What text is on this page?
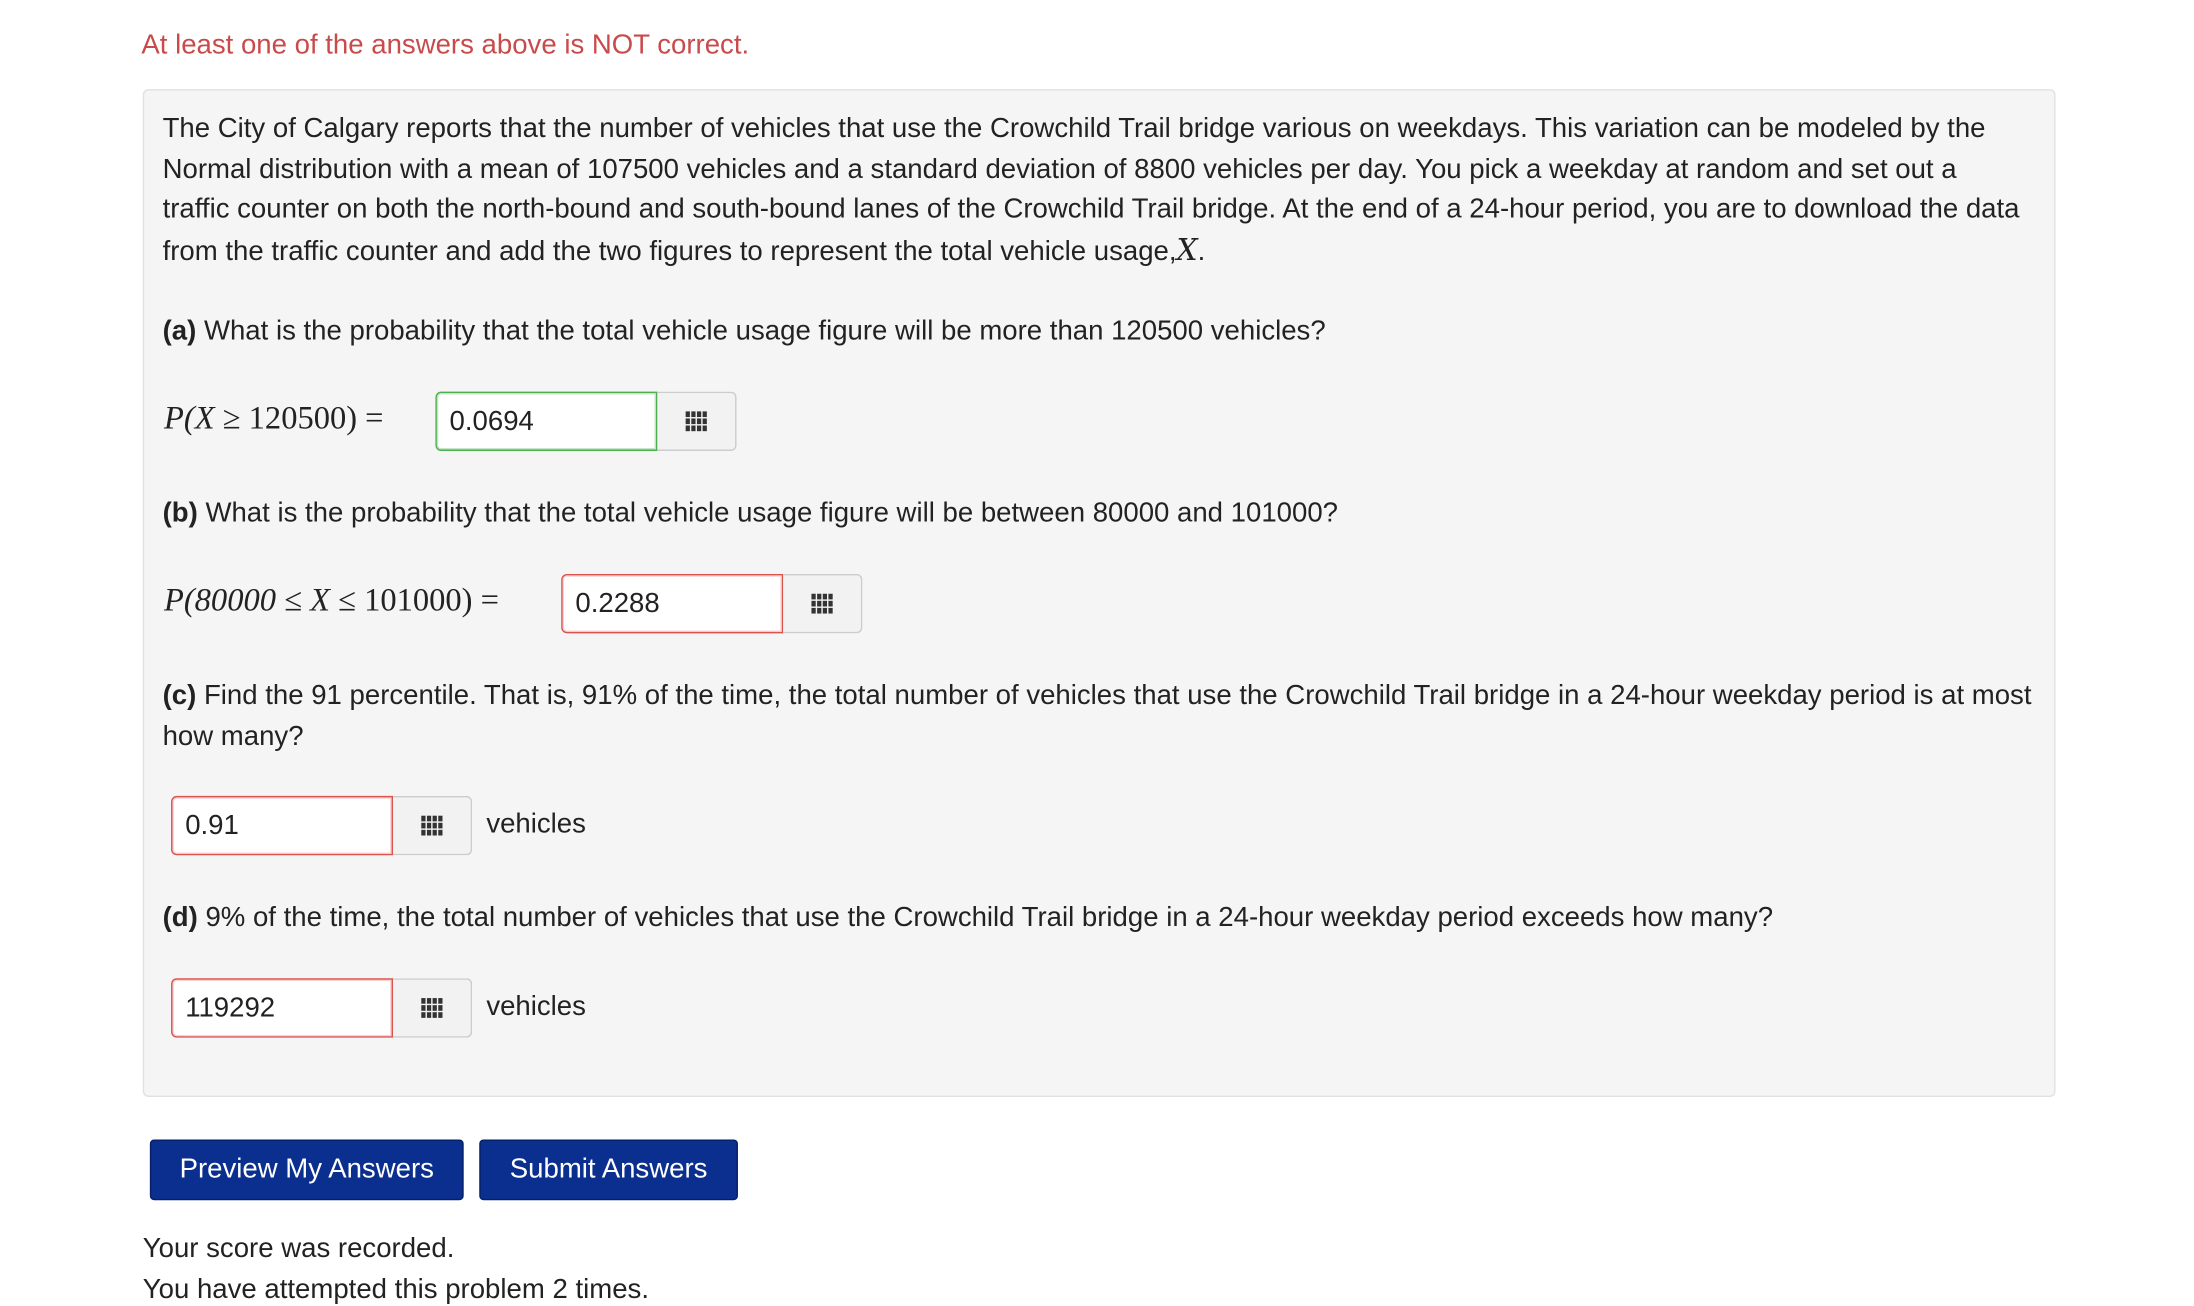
At least one of the answers above is NOT correct.
The City of Calgary reports that the number of vehicles that use the Crowchild Trail bridge various on weekdays. This variation can be modeled by the Normal distribution with a mean of 107500 vehicles and a standard deviation of 8800 vehicles per day. You pick a weekday at random and set out a traffic counter on both the north-bound and south-bound lanes of the Crowchild Trail bridge. At the end of a 24-hour period, you are to download the data from the traffic counter and add the two figures to represent the total vehicle usage,X.
(a) What is the probability that the total vehicle usage figure will be more than 120500 vehicles?
P(X ≥ 120500) =	0.0694
(b) What is the probability that the total vehicle usage figure will be between 80000 and 101000?
P(80000 ≤ X ≤ 101000) =	0.2288
(c) Find the 91 percentile. That is, 91% of the time, the total number of vehicles that use the Crowchild Trail bridge in a 24-hour weekday period is at most how many?
0.91	vehicles
(d) 9% of the time, the total number of vehicles that use the Crowchild Trail bridge in a 24-hour weekday period exceeds how many?
119292	vehicles
Preview My Answers	Submit Answers
Your score was recorded.
You have attempted this problem 2 times.
